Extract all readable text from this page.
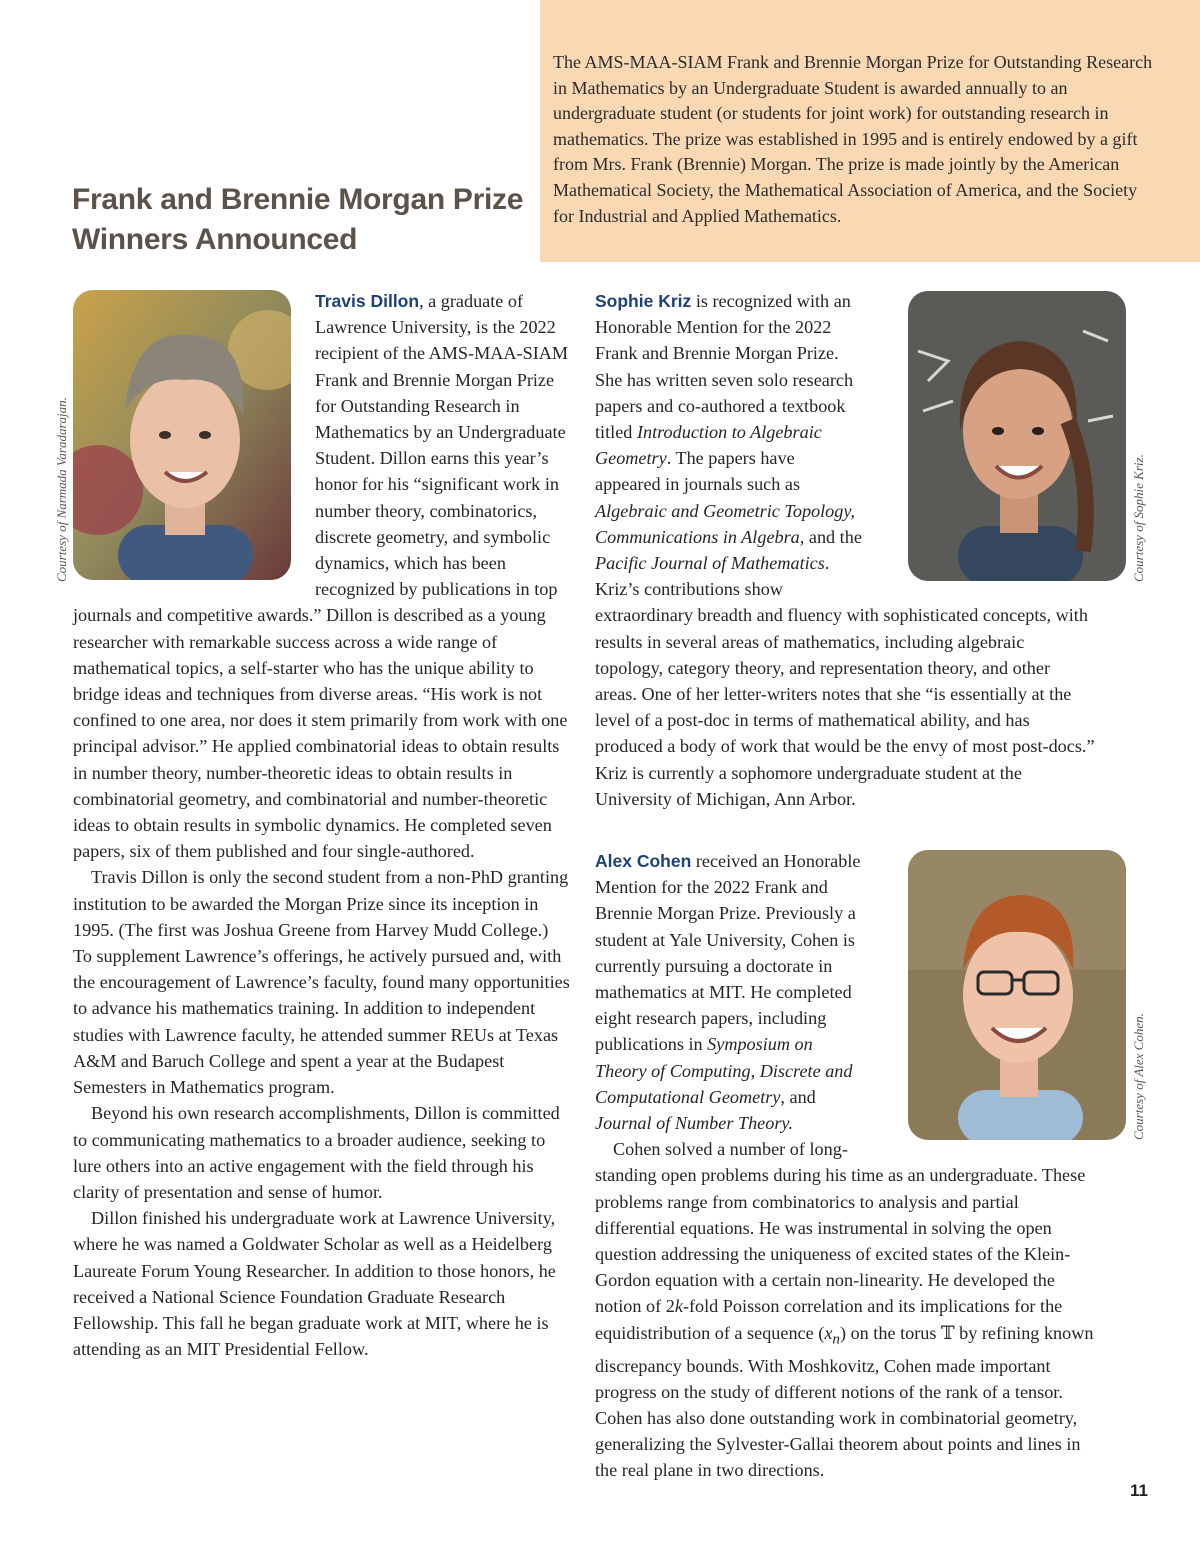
The AMS-MAA-SIAM Frank and Brennie Morgan Prize for Outstanding Research in Mathematics by an Undergraduate Student is awarded annually to an undergraduate student (or students for joint work) for outstanding research in mathematics. The prize was established in 1995 and is entirely endowed by a gift from Mrs. Frank (Brennie) Morgan. The prize is made jointly by the American Mathematical Society, the Mathematical Association of America, and the Society for Industrial and Applied Mathematics.

Frank and Brennie Morgan Prize Winners Announced
Courtesy of Narmada Varadarajan.

Travis Dillon, a graduate of Lawrence University, is the 2022 recipient of the AMS-MAA-SIAM Frank and Brennie Morgan Prize for Outstanding Research in Mathematics by an Undergraduate Student. Dillon earns this year’s honor for his “significant work in number theory, combinatorics, discrete geometry, and symbolic dynamics, which has been recognized by publications in top journals and competitive awards.” Dillon is described as a young researcher with remarkable success across a wide range of mathematical topics, a self-starter who has the unique ability to bridge ideas and techniques from diverse areas. “His work is not confined to one area, nor does it stem primarily from work with one principal advisor.” He applied combinatorial ideas to obtain results in number theory, number-theoretic ideas to obtain results in combinatorial geometry, and combinatorial and number-theoretic ideas to obtain results in symbolic dynamics. He completed seven papers, six of them published and four single-authored.

Travis Dillon is only the second student from a non-PhD granting institution to be awarded the Morgan Prize since its inception in 1995. (The first was Joshua Greene from Harvey Mudd College.) To supplement Lawrence’s offerings, he actively pursued and, with the encouragement of Lawrence’s faculty, found many opportunities to advance his mathematics training. In addition to independent studies with Lawrence faculty, he attended summer REUs at Texas A&M and Baruch College and spent a year at the Budapest Semesters in Mathematics program.

Beyond his own research accomplishments, Dillon is committed to communicating mathematics to a broader audience, seeking to lure others into an active engagement with the field through his clarity of presentation and sense of humor.

Dillon finished his undergraduate work at Lawrence University, where he was named a Goldwater Scholar as well as a Heidelberg Laureate Forum Young Researcher. In addition to those honors, he received a National Science Foundation Graduate Research Fellowship. This fall he began graduate work at MIT, where he is attending as an MIT Presidential Fellow.

Courtesy of Sophie Kriz.

Sophie Kriz is recognized with an Honorable Mention for the 2022 Frank and Brennie Morgan Prize. She has written seven solo research papers and co-authored a textbook titled Introduction to Algebraic Geometry. The papers have appeared in journals such as Algebraic and Geometric Topology, Communications in Algebra, and the Pacific Journal of Mathematics. Kriz’s contributions show extraordinary breadth and fluency with sophisticated concepts, with results in several areas of mathematics, including algebraic topology, category theory, and representation theory, and other areas. One of her letter-writers notes that she “is essentially at the level of a post-doc in terms of mathematical ability, and has produced a body of work that would be the envy of most post-docs.” Kriz is currently a sophomore undergraduate student at the University of Michigan, Ann Arbor.

Courtesy of Alex Cohen.

Alex Cohen received an Honorable Mention for the 2022 Frank and Brennie Morgan Prize. Previously a student at Yale University, Cohen is currently pursuing a doctorate in mathematics at MIT. He completed eight research papers, including publications in Symposium on Theory of Computing, Discrete and Computational Geometry, and Journal of Number Theory.

Cohen solved a number of long-standing open problems during his time as an undergraduate. These problems range from combinatorics to analysis and partial differential equations. He was instrumental in solving the open question addressing the uniqueness of excited states of the Klein-Gordon equation with a certain non-linearity. He developed the notion of 2k-fold Poisson correlation and its implications for the equidistribution of a sequence $(x_n)$ on the torus 𝕋 by refining known discrepancy bounds. With Moshkovitz, Cohen made important progress on the study of different notions of the rank of a tensor. Cohen has also done outstanding work in combinatorial geometry, generalizing the Sylvester-Gallai theorem about points and lines in the real plane in two directions.

11
